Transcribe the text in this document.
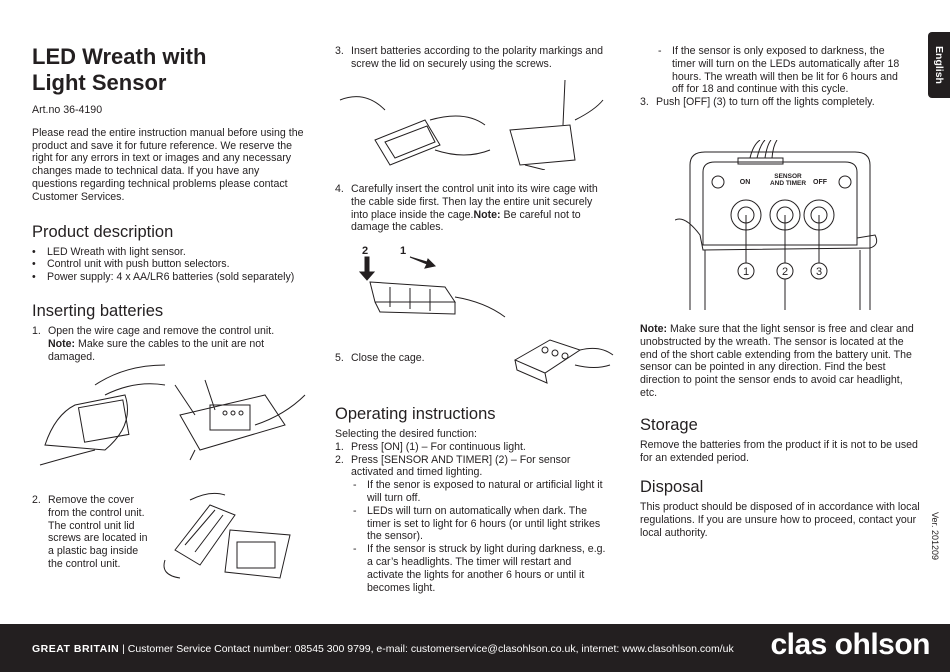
English
LED Wreath with
Light Sensor
Art.no 36-4190

Please read the entire instruction manual before using the product and save it for future reference. We reserve the right for any errors in text or images and any necessary changes made to technical data. If you have any questions regarding technical problems please contact Customer Services.

Product description
• LED Wreath with light sensor.
• Control unit with push button selectors.
• Power supply: 4 x AA/LR6 batteries (sold separately)
Inserting batteries
1. Open the wire cage and remove the control unit.
Note: Make sure the cables to the unit are not damaged.
2. Remove the cover from the control unit. The control unit lid screws are located in a plastic bag inside the control unit.
3. Insert batteries according to the polarity markings and screw the lid on securely using the screws.
4. Carefully insert the control unit into its wire cage with the cable side first. Then lay the entire unit securely into place inside the cage.Note: Be careful not to damage the cables.
2	1
5. Close the cage.
Operating instructions
Selecting the desired function:
1. Press [ON] (1) – For continuous light.
2. Press [SENSOR AND TIMER] (2) – For sensor activated and timed lighting.
- If the senor is exposed to natural or artificial light it will turn off.
- LEDs will turn on automatically when dark. The timer is set to light for 6 hours (or until light strikes the sensor).
- If the sensor is struck by light during darkness, e.g. a car’s headlights. The timer will restart and activate the lights for another 6 hours or until it becomes light.
- If the sensor is only exposed to darkness, the timer will turn on the LEDs automatically after 18 hours. The wreath will then be lit for 6 hours and off for 18 and continue with this cycle.
3. Push [OFF] (3) to turn off the lights completely.
ON
SENSOR
AND TIMER OFF
1	2	3

Note: Make sure that the light sensor is free and clear and unobstructed by the wreath. The sensor is located at the end of the short cable extending from the battery unit. The sensor can be pointed in any direction. Find the best direction to point the sensor ends to avoid car headlight, etc.

Storage

Remove the batteries from the product if it is not to be used for an extended period.

Disposal

This product should be disposed of in accordance with local regulations. If you are unsure how to proceed, contact your local authority.	Ver. 201209
GREAT BRITAIN | Customer Service Contact number: 08545 300 9799, e-mail: customerservice@clasohlson.co.uk, internet: www.clasohlson.com/uk clas ohlson
